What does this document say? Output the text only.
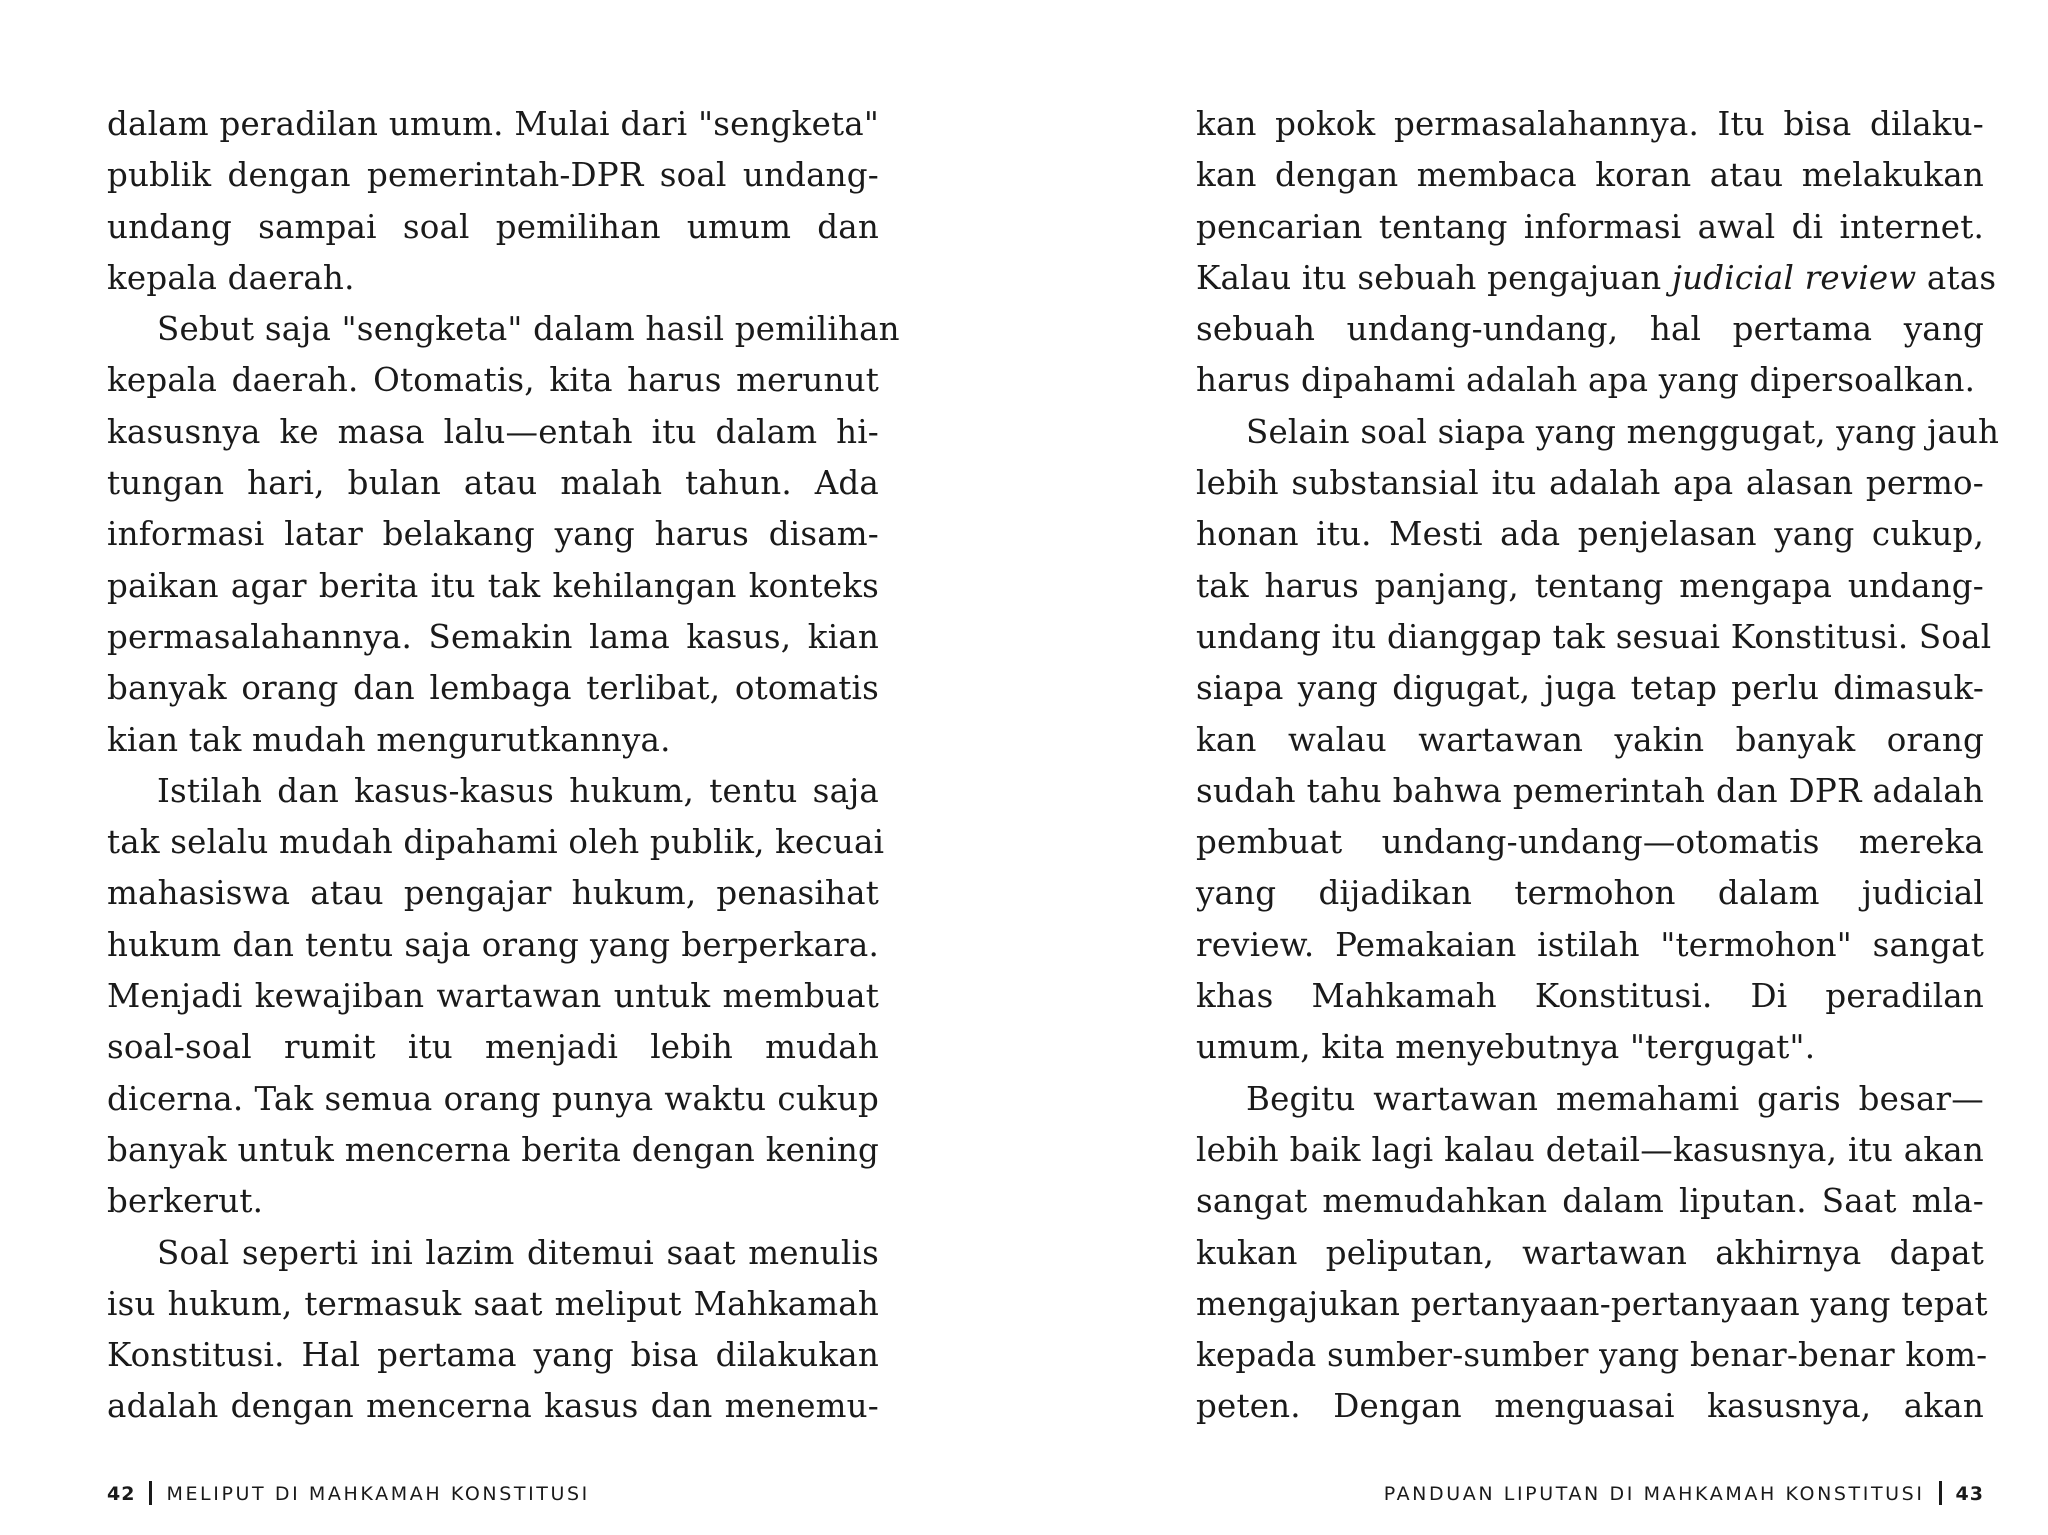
dalam peradilan umum. Mulai dari "sengketa"
publik dengan pemerintah-DPR soal undang-
undang sampai soal pemilihan umum dan
kepala daerah.
Sebut saja "sengketa" dalam hasil pemilihan
kepala daerah. Otomatis, kita harus merunut
kasusnya ke masa lalu—entah itu dalam hi-
tungan hari, bulan atau malah tahun. Ada
informasi latar belakang yang harus disam-
paikan agar berita itu tak kehilangan konteks
permasalahannya. Semakin lama kasus, kian
banyak orang dan lembaga terlibat, otomatis
kian tak mudah mengurutkannya.
Istilah dan kasus-kasus hukum, tentu saja
tak selalu mudah dipahami oleh publik, kecuai
mahasiswa atau pengajar hukum, penasihat
hukum dan tentu saja orang yang berperkara.
Menjadi kewajiban wartawan untuk membuat
soal-soal rumit itu menjadi lebih mudah
dicerna. Tak semua orang punya waktu cukup
banyak untuk mencerna berita dengan kening
berkerut.
Soal seperti ini lazim ditemui saat menulis
isu hukum, termasuk saat meliput Mahkamah
Konstitusi. Hal pertama yang bisa dilakukan
adalah dengan mencerna kasus dan menemu-
42 MELIPUT DI MAHKAMAH KONSTITUSI
kan pokok permasalahannya. Itu bisa dilaku-
kan dengan membaca koran atau melakukan
pencarian tentang informasi awal di internet.
Kalau itu sebuah pengajuan judicial review atas
sebuah undang-undang, hal pertama yang
harus dipahami adalah apa yang dipersoalkan.
Selain soal siapa yang menggugat, yang jauh
lebih substansial itu adalah apa alasan permo-
honan itu. Mesti ada penjelasan yang cukup,
tak harus panjang, tentang mengapa undang-
undang itu dianggap tak sesuai Konstitusi. Soal
siapa yang digugat, juga tetap perlu dimasuk-
kan walau wartawan yakin banyak orang
sudah tahu bahwa pemerintah dan DPR adalah
pembuat undang-undang—otomatis mereka
yang dijadikan termohon dalam judicial
review. Pemakaian istilah "termohon" sangat
khas Mahkamah Konstitusi. Di peradilan
umum, kita menyebutnya "tergugat".
Begitu wartawan memahami garis besar—
lebih baik lagi kalau detail—kasusnya, itu akan
sangat memudahkan dalam liputan. Saat mla-
kukan peliputan, wartawan akhirnya dapat
mengajukan pertanyaan-pertanyaan yang tepat
kepada sumber-sumber yang benar-benar kom-
peten. Dengan menguasai kasusnya, akan
PANDUAN LIPUTAN DI MAHKAMAH KONSTITUSI 43
